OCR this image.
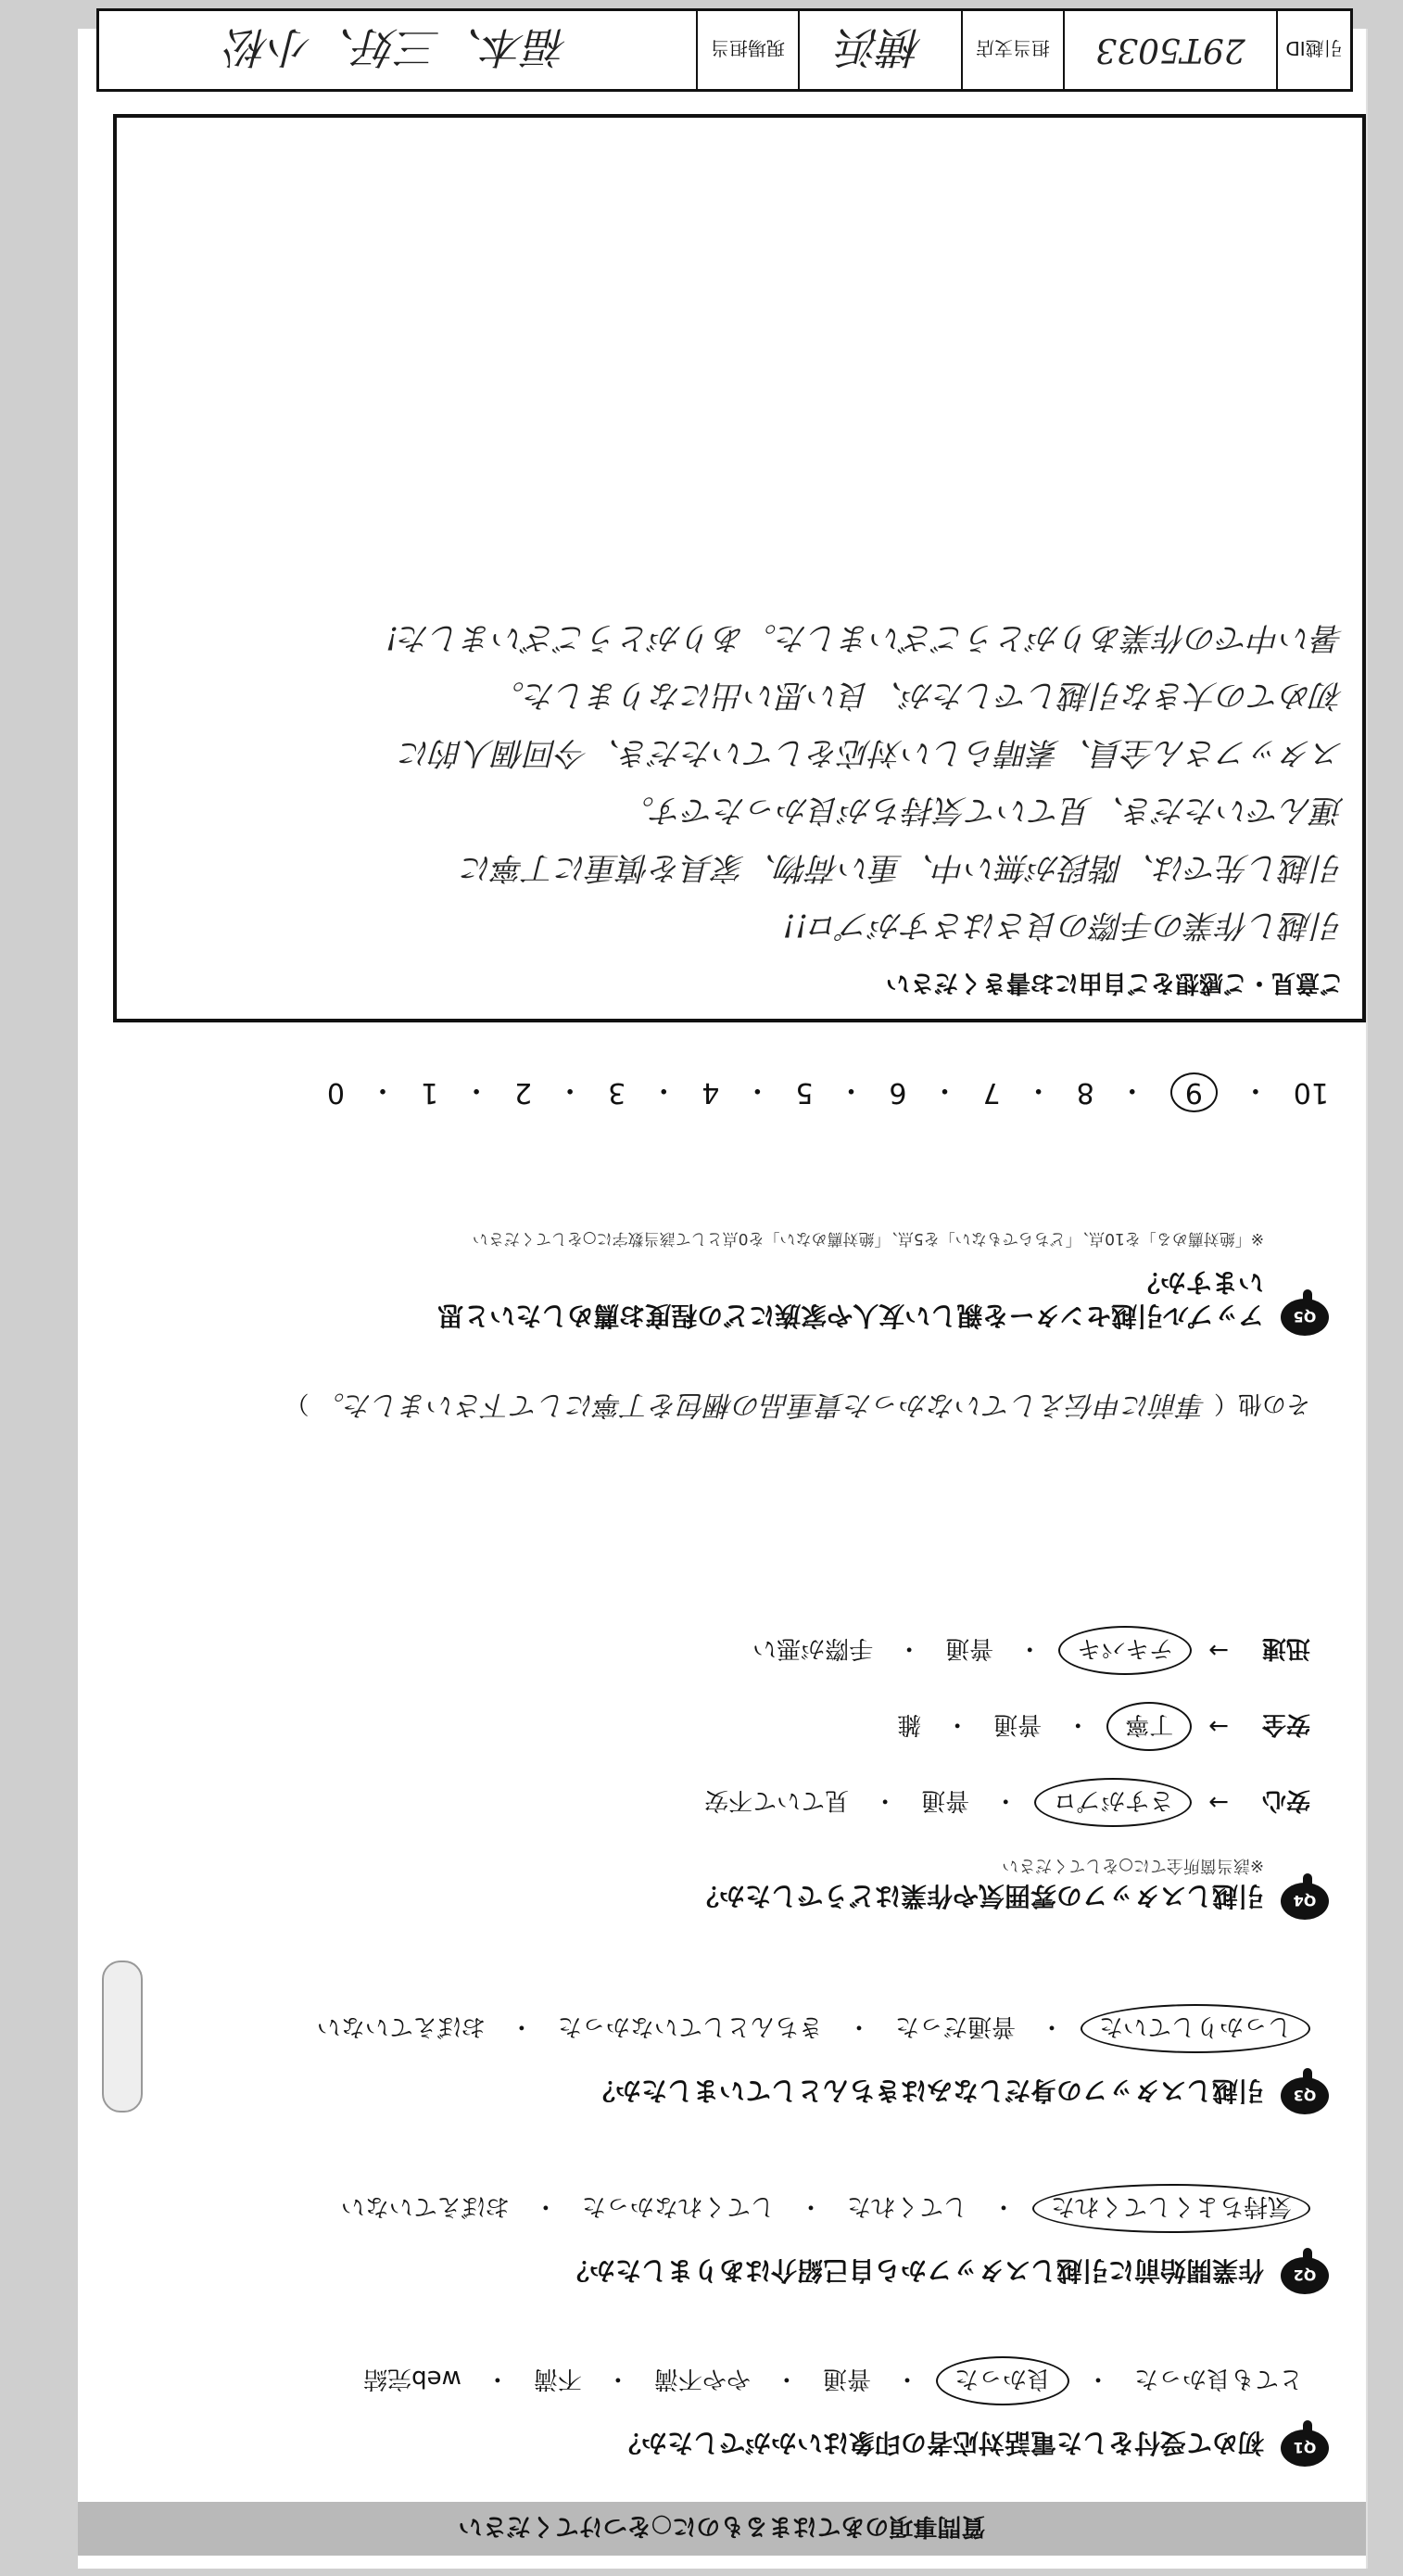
質問事項のあてはまるものに○をつけてください
Q1
初めて受付をした電話対応者の印象はいかがでしたか？
とても良かった
・
良かった
・
普通
・
やや不満
・
不満
・
web完結
Q2
作業開始前に引越しスタッフから自己紹介はありましたか？
気持ちよくしてくれた
・
してくれた
・
してくれなかった
・
おぼえていない
Q3
引越しスタッフの身だしなみはきちんとしていましたか？
しっかりしていた
・
普通だった
・
きちんとしていなかった
・
おぼえていない
Q4
引越しスタッフの雰囲気や作業はどうでしたか？
※該当箇所全てに○をしてください
安心
→
さすがプロ
・
普通
・
見ていて不安
安全
→
丁寧
・
普通
・
雑
迅速
→
テキパキ
・
普通
・
手際が悪い
その他（ 事前に申伝えしていなかった貴重品の梱包を丁寧にして下さいました。 ）
Q5
アップル引越センターを親しい友人や家族にどの程度お薦めしたいと思いますか？
※「絶対薦める」を10点、「どちらでもない」を5点、「絶対薦めない」を0点として該当数字に○をしてください
10
・
9
・
8
・
7
・
6
・
5
・
4
・
3
・
2
・
1
・
0
ご意見・ご感想をご自由にお書きください
引越し作業の手際の良さはさすがプロ!!
引越し先では、階段が無い中、重い荷物、家具を慎重に丁寧に
運んでいただき、見ていて気持ちが良かったです。
スタッフさん全員、素晴らしい対応をしていただき、今回個人的に
初めての大きな引越しでしたが、良い思い出になりました。
暑い中での作業ありがとうございました。ありがとうございました!
引越ID
29T5033
担当支店
横浜
現場担当
福本、三好、小松
